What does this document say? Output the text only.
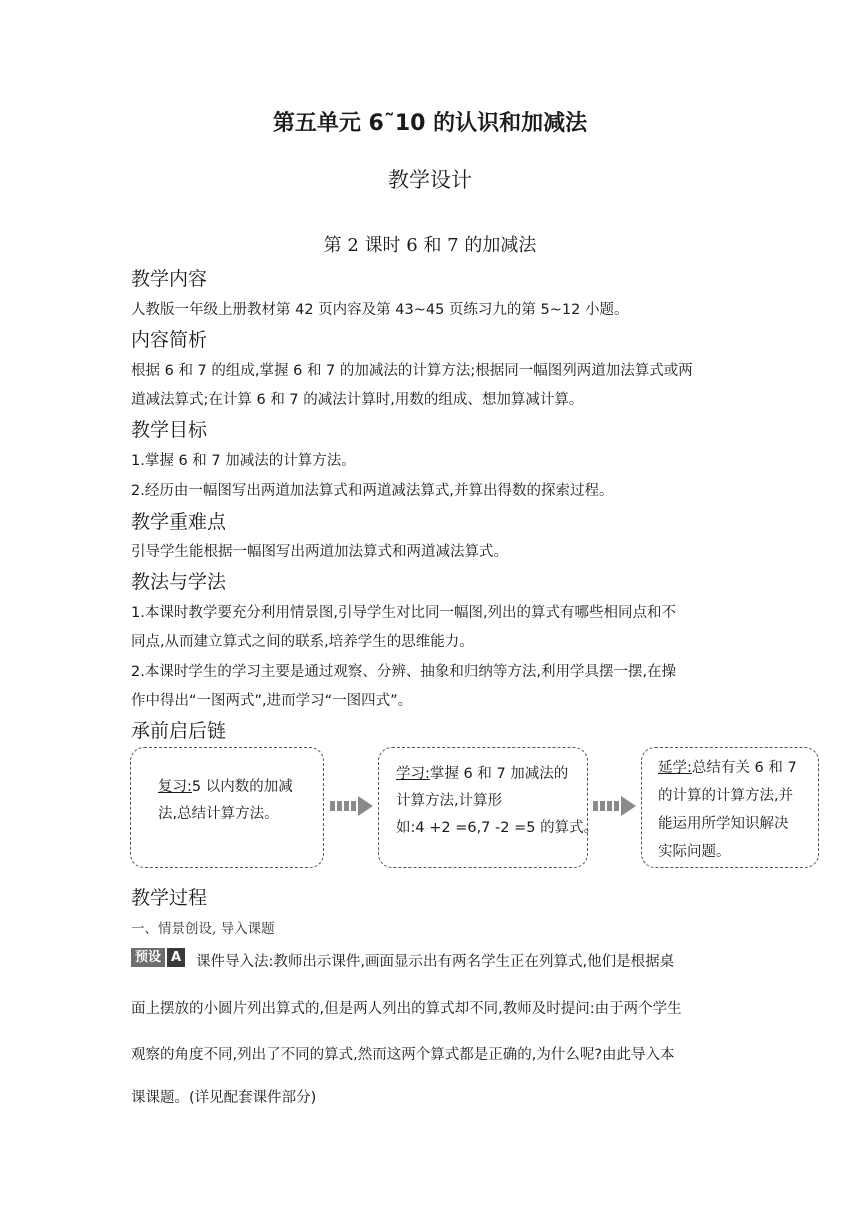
第五单元 6˜10 的认识和加减法
教学设计
第 2 课时 6 和 7 的加减法
教学内容
人教版一年级上册教材第 42 页内容及第 43~45 页练习九的第 5~12 小题。
内容简析
根据 6 和 7 的组成,掌握 6 和 7 的加减法的计算方法;根据同一幅图列两道加法算式或两
道减法算式;在计算 6 和 7 的减法计算时,用数的组成、想加算减计算。
教学目标
1.掌握 6 和 7 加减法的计算方法。
2.经历由一幅图写出两道加法算式和两道减法算式,并算出得数的探索过程。
教学重难点
引导学生能根据一幅图写出两道加法算式和两道减法算式。
教法与学法
1.本课时教学要充分利用情景图,引导学生对比同一幅图,列出的算式有哪些相同点和不
同点,从而建立算式之间的联系,培养学生的思维能力。
2.本课时学生的学习主要是通过观察、分辨、抽象和归纳等方法,利用学具摆一摆,在操
作中得出“一图两式”,进而学习“一图四式”。
承前启后链
复习:5 以内数的加减
法,总结计算方法。
学习:掌握 6 和 7 加减法的
计算方法,计算形
如:4 +2 =6,7 -2 =5 的算式。
延学:总结有关 6 和 7
的计算的计算方法,并
能运用所学知识解决
实际问题。
教学过程
一、情景创设, 导入课题
预设 A 课件导入法:教师出示课件,画面显示出有两名学生正在列算式,他们是根据桌
面上摆放的小圆片列出算式的,但是两人列出的算式却不同,教师及时提问:由于两个学生
观察的角度不同,列出了不同的算式,然而这两个算式都是正确的,为什么呢?由此导入本
课课题。(详见配套课件部分)
